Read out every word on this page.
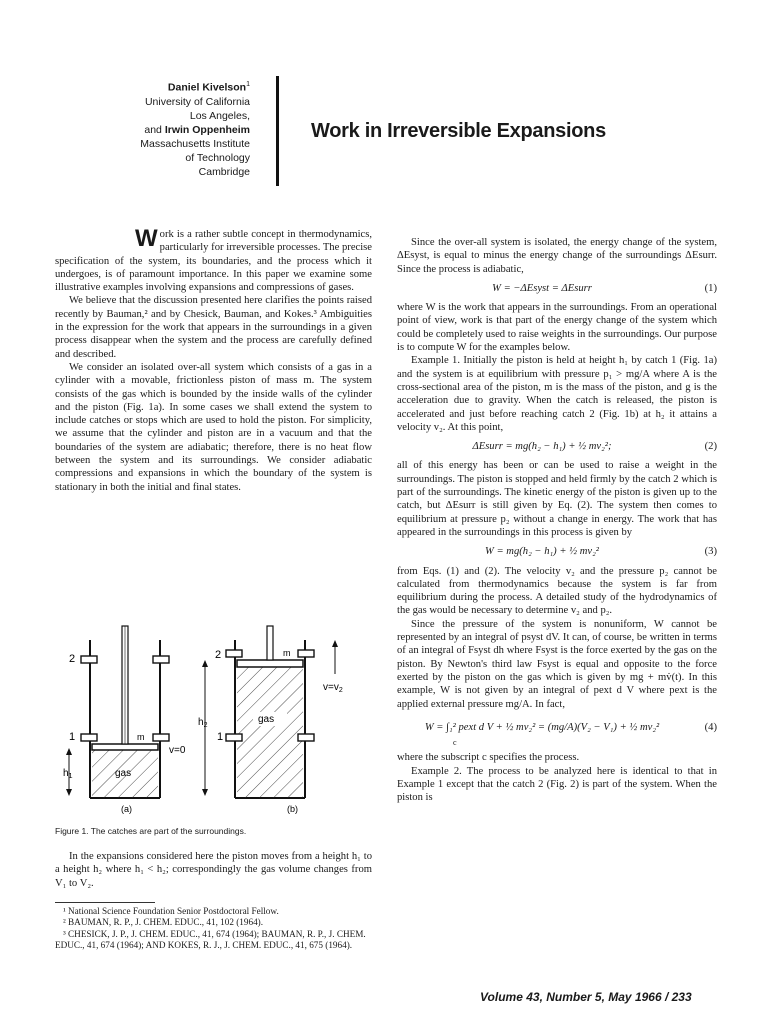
Daniel Kivelson$^1$
University of California
Los Angeles,
and Irwin Oppenheim
Massachusetts Institute
of Technology
Cambridge
Work in Irreversible Expansions

Work is a rather subtle concept in thermodynamics, particularly for irreversible processes. The precise specification of the system, its boundaries, and the process which it undergoes, is of paramount importance. In this paper we examine some illustrative examples involving expansions and compressions of gases.

We believe that the discussion presented here clarifies the points raised recently by Bauman,² and by Chesick, Bauman, and Kokes.³ Ambiguities in the expression for the work that appears in the surroundings in a given process disappear when the system and the process are carefully defined and described.

We consider an isolated over-all system which consists of a gas in a cylinder with a movable, frictionless piston of mass m. The system consists of the gas which is bounded by the inside walls of the cylinder and the piston (Fig. 1a). In some cases we shall extend the system to include catches or stops which are used to hold the piston. For simplicity, we assume that the cylinder and piston are in a vacuum and that the boundaries of the system are adiabatic; therefore, there is no heat flow between the system and its surroundings. We consider adiabatic compressions and expansions in which the boundary of the system is stationary in both the initial and final states.

2
1	m
gas
v=0
$h_1$
(a)
$h_2$
2
1
m
gas
$v=v_2$
(b)
Figure 1. The catches are part of the surroundings.

In the expansions considered here the piston moves from a height h₁ to a height h₂ where h₁ < h₂; correspondingly the gas volume changes from V₁ to V₂.

¹ National Science Foundation Senior Postdoctoral Fellow.
² BAUMAN, R. P., J. CHEM. EDUC., 41, 102 (1964).
³ CHESICK, J. P., J. CHEM. EDUC., 41, 674 (1964); BAUMAN, R. P., J. CHEM. EDUC., 41, 674 (1964); AND KOKES, R. J., J. CHEM. EDUC., 41, 675 (1964).

Since the over-all system is isolated, the energy change of the system, ΔEsyst, is equal to minus the energy change of the surroundings ΔEsurr. Since the process is adiabatic,

W = −ΔEsyst = ΔEsurr	(1)

where W is the work that appears in the surroundings. From an operational point of view, work is that part of the energy change of the system which could be completely used to raise weights in the surroundings. Our purpose is to compute W for the examples below.

Example 1. Initially the piston is held at height h₁ by catch 1 (Fig. 1a) and the system is at equilibrium with pressure p₁ > mg/A where A is the cross-sectional area of the piston, m is the mass of the piston, and g is the acceleration due to gravity. When the catch is released, the piston is accelerated and just before reaching catch 2 (Fig. 1b) at h₂ it attains a velocity v₂. At this point,

ΔEsurr = mg(h₂ − h₁) + ½ mv₂²;	(2)

all of this energy has been or can be used to raise a weight in the surroundings. The piston is stopped and held firmly by the catch 2 which is part of the surroundings. The kinetic energy of the piston is given up to the catch, but ΔEsurr is still given by Eq. (2). The system then comes to equilibrium at pressure p₂ without a change in energy. The work that has appeared in the surroundings in this process is given by

W = mg(h₂ − h₁) + ½ mv₂²	(3)

from Eqs. (1) and (2). The velocity v₂ and the pressure p₂ cannot be calculated from thermodynamics because the system is far from equilibrium during the process. A detailed study of the hydrodynamics of the gas would be necessary to determine v₂ and p₂.

Since the pressure of the system is nonuniform, W cannot be represented by an integral of psyst dV. It can, of course, be written in terms of an integral of Fsyst dh where Fsyst is the force exerted by the gas on the piston. By Newton's third law Fsyst is equal and opposite to the force exerted by the piston on the gas which is given by mg + mv̇(t). In this example, W is not given by an integral of pext d V where pext is the applied external pressure mg/A. In fact,

W = ∫₁² pext d V + ½ mv₂² = (mg/A)(V₂ − V₁) + ½ mv₂²	(4)
c

where the subscript c specifies the process.

Example 2. The process to be analyzed here is identical to that in Example 1 except that the catch 2 (Fig. 2) is part of the system. When the piston is

Volume 43, Number 5, May 1966 / 233
